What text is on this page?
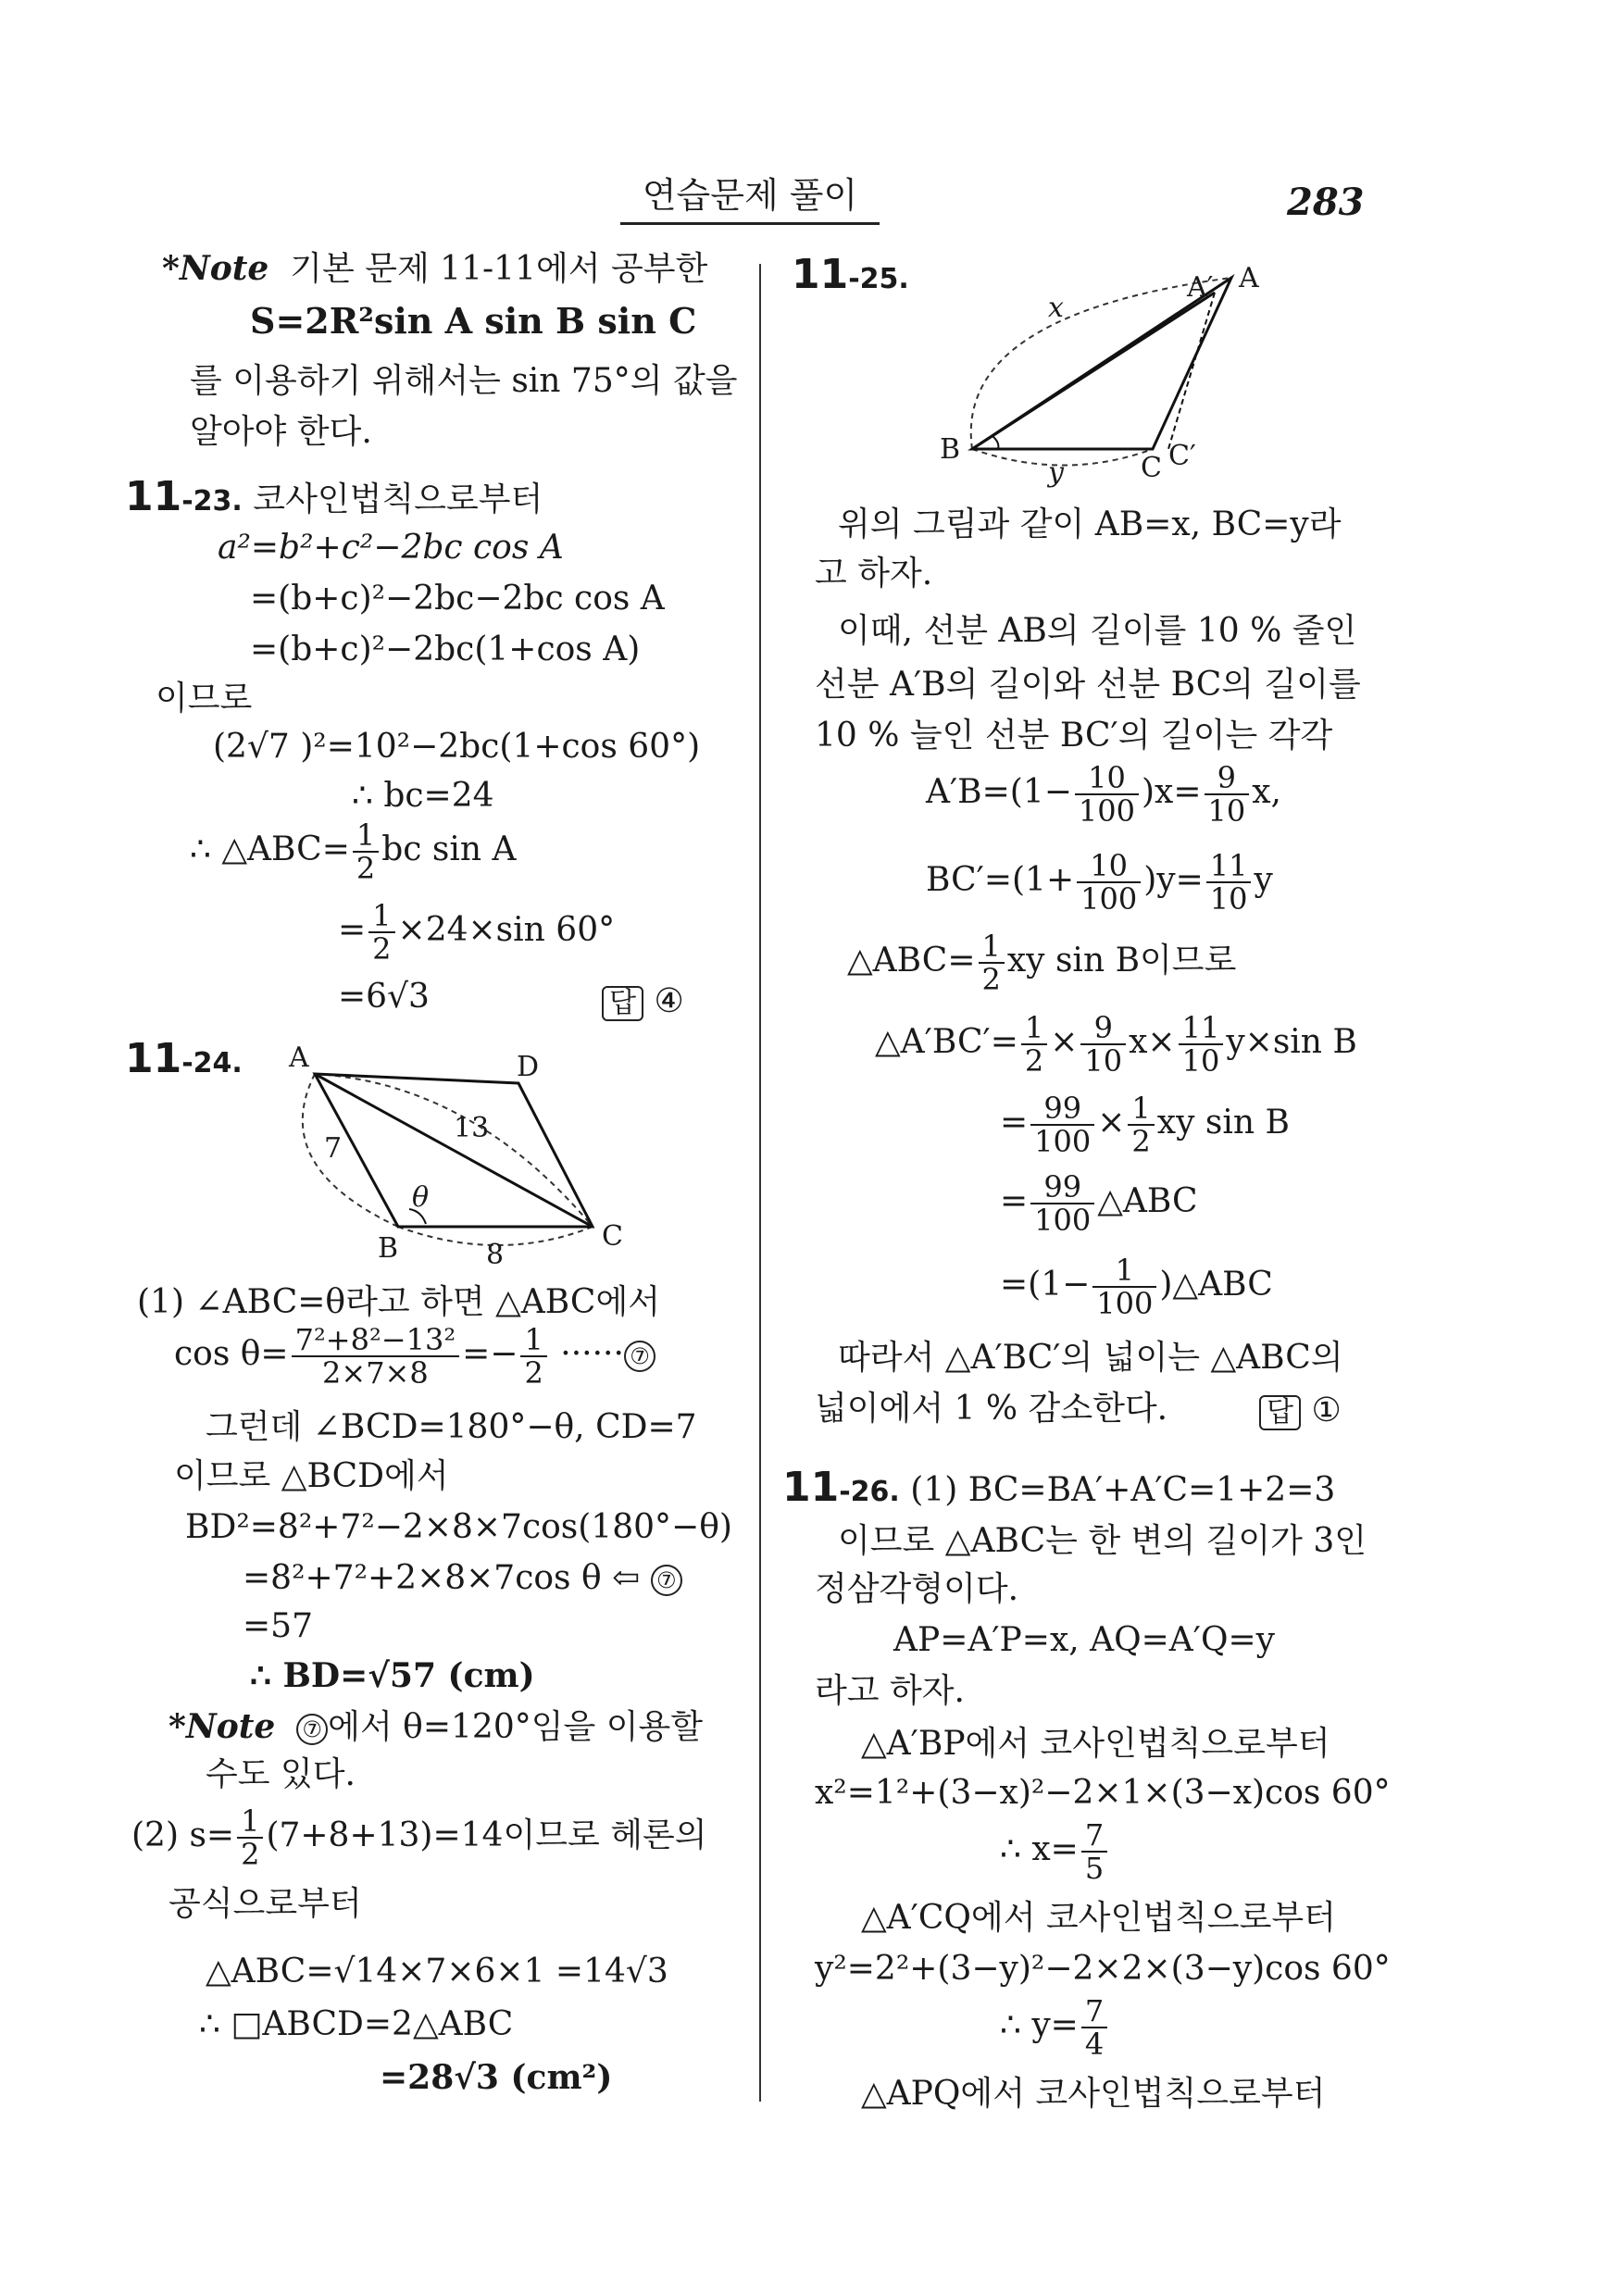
연습문제 풀이	283
*Note 기본 문제 11-11에서 공부한
S=2R²sin A sin B sin C
를 이용하기 위해서는 sin 75°의 값을
알아야 한다.
11-23. 코사인법칙으로부터
a²=b²+c²−2bc cos A
=(b+c)²−2bc−2bc cos A
=(b+c)²−2bc(1+cos A)
이므로
(2√7 )²=10²−2bc(1+cos 60°)
∴ bc=24
∴ △ABC= $\frac{1}{2}$ bc sin A
= $\frac{1}{2} \times 24\times\sin$ 60°
=6√3	답 ④
11-24. A	D
B	C
7
13
8
θ
(1) ∠ABC=θ라고 하면 △ABC에서
$\cos \theta= \frac{\text{7²+8²−13²}}{2\times 7\times 8} =- \frac{1}{2}$ ······ ⑦
그런데 ∠BCD=180°−θ, CD=7
이므로 △BCD에서
BD²=8²+7²−2×8×7cos(180°−θ)
=8²+7²+2×8×7cos θ ⇦ ⑦
=57
∴ BD=√57 (cm)
*Note ⑦ 에서 θ=120°임을 이용할
수도 있다.
(2) $s= \frac{1}{2} (7+8+13)=14$이므로 헤론의
공식으로부터
△ABC=√14×7×6×1 =14√3
∴ □ABCD=2△ABC
=28√3 (cm²)
11-25.	A
A′
B
C C′
x
y
위의 그림과 같이 AB=x, BC=y라
고 하자.
이때, 선분 AB의 길이를 10 % 줄인
선분 A′B의 길이와 선분 BC의 길이를
10 % 늘인 선분 BC′의 길이는 각각
$A'B=(1- \frac{10}{100} )x= \frac{9}{10} x$,
$BC'=(1+ \frac{10}{100} )y= \frac{11}{10}$ y
△ABC= $\frac{1}{2}$ xy sin B이므로
△A′BC′= $\frac{1}{2} \times \frac{9}{10} x\times \frac{11}{10} y\times\sin$ B
= $\frac{99}{100} \times \frac{1}{2}$ xy sin B
= $\frac{99}{100}$ △ABC
$=(1- \frac{1}{100}$ )△ABC
따라서 △A′BC′의 넓이는 △ABC의
넓이에서 1 % 감소한다.	답 ①
11-26. (1) BC=BA′+A′C=1+2=3
이므로 △ABC는 한 변의 길이가 3인
정삼각형이다.
AP=A′P=x, AQ=A′Q=y
라고 하자.
△A′BP에서 코사인법칙으로부터
x²=1²+(3−x)²−2×1×(3−x)cos 60°
∴ $x= \frac{7}{5}$
△A′CQ에서 코사인법칙으로부터
y²=2²+(3−y)²−2×2×(3−y)cos 60°
∴ $y= \frac{7}{4}$
△APQ에서 코사인법칙으로부터
